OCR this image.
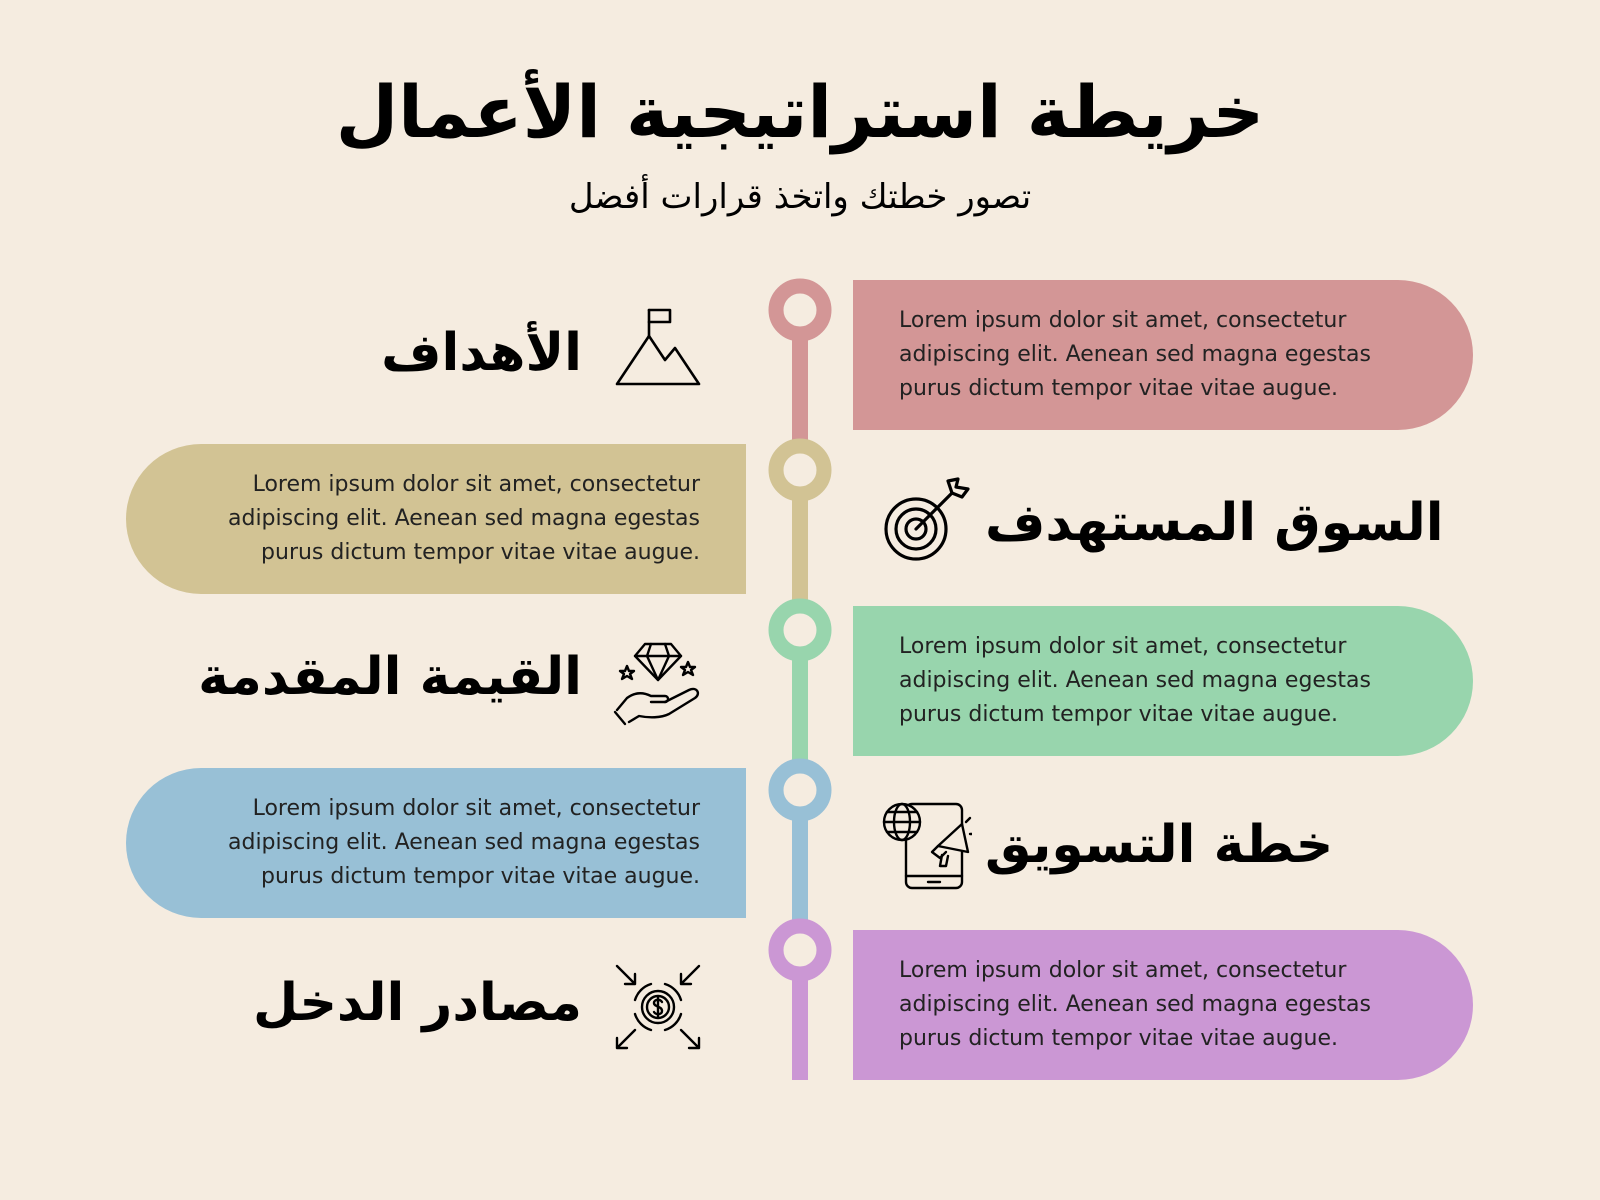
خريطة استراتيجية الأعمال
تصور خطتك واتخذ قرارات أفضل

Lorem ipsum dolor sit amet, consectetur adipiscing elit. Aenean sed magna egestas purus dictum tempor vitae vitae augue.

الأهداف

Lorem ipsum dolor sit amet, consectetur adipiscing elit. Aenean sed magna egestas purus dictum tempor vitae vitae augue.	السوق المستهدف

Lorem ipsum dolor sit amet, consectetur adipiscing elit. Aenean sed magna egestas purus dictum tempor vitae vitae augue.

القيمة المقدمة

Lorem ipsum dolor sit amet, consectetur adipiscing elit. Aenean sed magna egestas purus dictum tempor vitae vitae augue.

خطة التسويق

Lorem ipsum dolor sit amet, consectetur adipiscing elit. Aenean sed magna egestas purus dictum tempor vitae vitae augue.

مصادر الدخل
